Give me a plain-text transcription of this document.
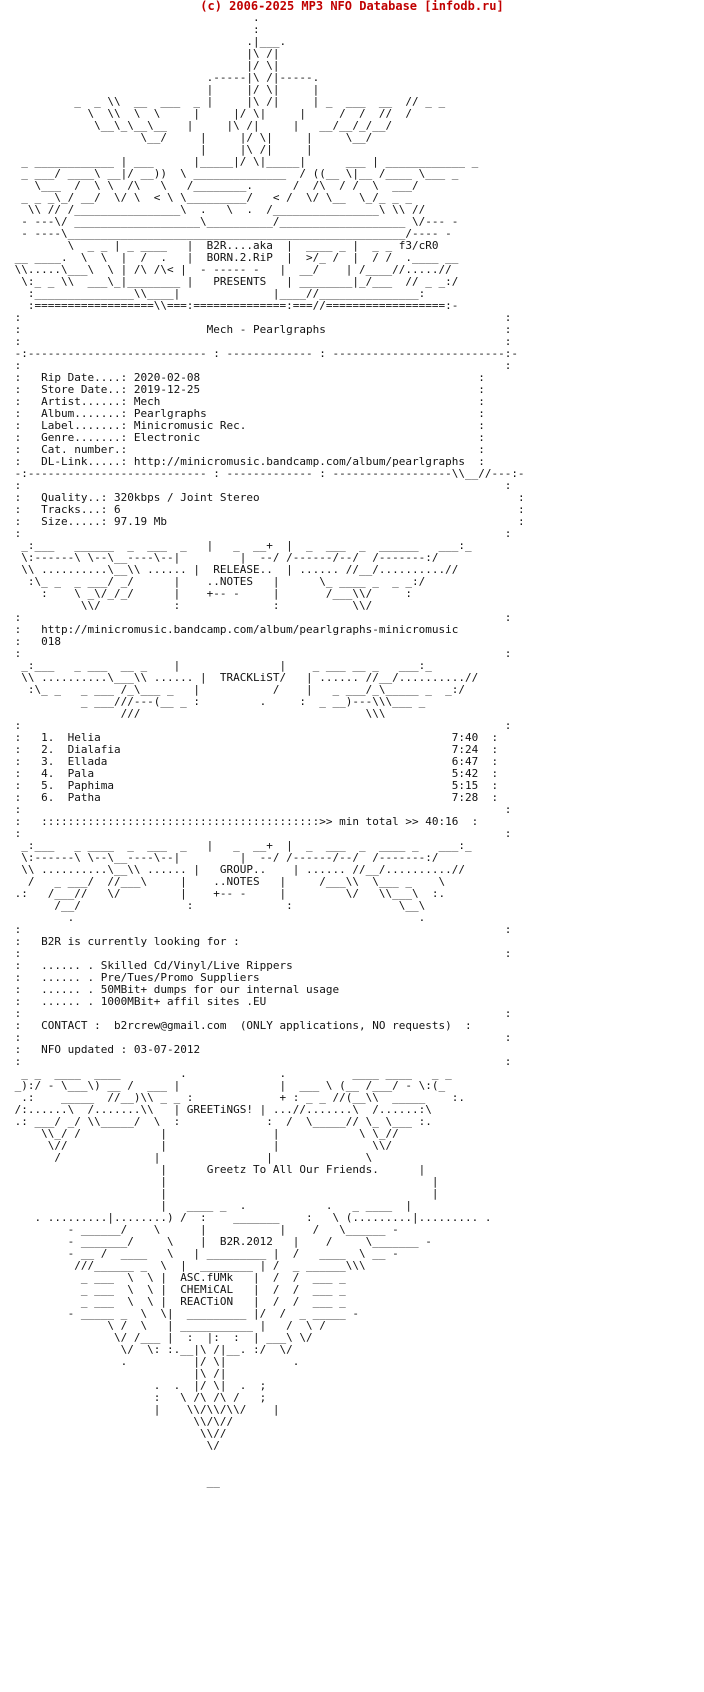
(c) 2006-2025 MP3 NFO Database [infodb.ru]
.
:
.|___.
|\ /|
|/ \|
.-----|\ /|-----.
|     |/ \|     |
_  _ \\  __  ___  _ |     |\ /|     | _  ___  __  // _ _
\  \\  \  \     |     |/ \|     |     /  /  //  /
\__\_\__\__   |     |\ /|     |   __/__/_/__/
\__/     |     |/ \|     |     \__/
|     |\ /|     |
_ ____________ | ___      |_____|/ \|_____|      ___ | ____________ _
_ ___/ ____\ __|/ __))  \ ______________  / ((__ \|__ /____ \___ _
\___  /  \ \  /\   \   /________.      /  /\  / /  \  ___/
_ _ _\_/ __/  \/ \  < \ \_________/   < /  \/ \__  \_/_ _ _
\\ // /________________\  .   \  .  /________________\ \\ //
- ---\/ ___________________\__________/___________________ \/--- -
- ----\___________________________________________________/---- -
\  _ _ | _ ____   |  B2R....aka  |  ____ _ |  _ _ f3/cR0
__ ____.  \  \  |  /  .   |  BORN.2.RiP  |  >/_ /  |  / /  .____ __
\\.....\___\  \ | /\ /\< |  - ----- -   |  __/    | /____//.....//
\:_ _ \\  ___\_|________ |   PRESENTS   | ________|_/___  // _ _:/
:_______________\\____|              |____//_______________:
:==================\\===:==============:===//==================:-
:                                                                         :
:                            Mech - Pearlgraphs                           :
:                                                                         :
-:--------------------------- : ------------- : --------------------------:-
:                                                                         :
:   Rip Date....: 2020-02-08	:
:   Store Date..: 2019-12-25	:
:   Artist......: Mech	:
:   Album.......: Pearlgraphs	:
:   Label.......: Minicromusic Rec.	:
:   Genre.......: Electronic	:
:   Cat. number.:	:
:   DL-Link.....: http://minicromusic.bandcamp.com/album/pearlgraphs  :
-:--------------------------- : ------------- : ------------------\\__//---:-
:                                                                         :
:   Quality..: 320kbps / Joint Stereo	:
:   Tracks...: 6	:
:   Size.....: 97.19 Mb	:
:                                                                         :
_:___   ______  _  ___  _   |   _  __+  |  _  ___  _  ______   ___:_
\:------\ \--\__----\--|         |  --/ /------/--/  /-------:/
\\ ..........\__\\ ...... |  RELEASE..  | ...... //__/..........//
:\_ _  _ ___/ _/      |    ..NOTES   |      \_ ____ _  _ _:/
:    \ _\/_/_/      |    +-- -     |       /___\\/     :
\\/           :              :           \\/
:                                                                         :
:   http://minicromusic.bandcamp.com/album/pearlgraphs-minicromusic
:   018
:                                                                         :
_:___   _ ___  __ _    |               |    _ ___ __ _   ___:_
\\ ..........\___\\ ...... |  TRACKLiST/   | ...... //__/..........//
:\_ _   _ ___ /_\___ _   |           /    |   _ ___/_\_____ _  _:/
_ ___///---(__ _ :         .     :  _ __)---\\\___ _
///                                  \\\
:                                                                         :
:   1.  Helia	7:40  :
:   2.  Dialafia	7:24  :
:   3.  Ellada	6:47  :
:   4.  Pala	5:42  :
:   5.  Paphima	5:15  :
:   6.  Patha	7:28  :
:                                                                         :
:   ::::::::::::::::::::::::::::::::::::::::::>> min total >> 40:16  :
:                                                                         :
_:___   _ ____  _  ___  _   |   _  __+  |  _  ___  _  ____ _   ___:_
\:------\ \--\__----\--|         |  --/ /------/--/  /-------:/
\\ ..........\__\\ ...... |   GROUP..    | ...... //__/..........//
/   _ ___/  //___\     |    ..NOTES   |     /___\\  \___ _    \
.:   /___//   \/         |    +-- -     |         \/   \\___\  :.
/__/                :              :                \__\
.                                                    .
:                                                                         :
:   B2R is currently looking for :
:                                                                         :
:   ...... . Skilled Cd/Vinyl/Live Rippers
:   ...... . Pre/Tues/Promo Suppliers
:   ...... . 50MBit+ dumps for our internal usage
:   ...... . 1000MBit+ affil sites .EU
:                                                                         :
:   CONTACT :  b2rcrew@gmail.com (ONLY applications, NO requests)  :
:                                                                         :
:   NFO updated : 03-07-2012
:                                                                         :
_ _  ____  ____         .              .          ____ ____   _ _
_):/ - \___\) __ /  ___ |               |  ___ \ (__ /___/ - \:(_
.:    _____  //__)\\ _ _ :             + : _ _ //(__\\  _____    :.
/:......\  /.......\\   | GREETiNGS! | ...//.......\  /......:\
.: ___/ _/ \\_____/  \  :             :  /  \_____// \_ \___ :.
\\_/ /            |                |            \ \_//
\//              |                |              \\/
/              |                |              \
|      Greetz To All Our Friends.	|
|                                        |
|                                        |
|   ____ _  .            .   _ ____  |
. .........|........) /  :    _______    :   \ (.........|......... .
- ______/    \      |           |    /   \______ -
- _______/     \    |  B2R.2012   |    /     \_______ -
- __ /  ____   \   | _________ |  /   ____  \ __ -
///______ _  \  |  ________ | /  _ ______\\\
_ ___  \  \ |  ASC.fUMk   |  /  /  ___ _
_ ___  \  \ |  CHEMiCAL   |  /  /  ___ _
_ ___  \  \ |  REACTiON   |  /  /  ___ _
- _____ _  \  \|  _________ |/  /  _ _____ -
\ /  \   | ___________ |   /  \ /
\/ /___ |  :  |:  :  | ___\ \/
\/  \: :.__|\ /|__. :/  \/
.          |/ \|          .
|\ /|
.  .  |/ \|  .  ;
:   \ /\ /\ /   ;
|    \\/\\/\\/    |
\\/\//
\\//
\/

__
